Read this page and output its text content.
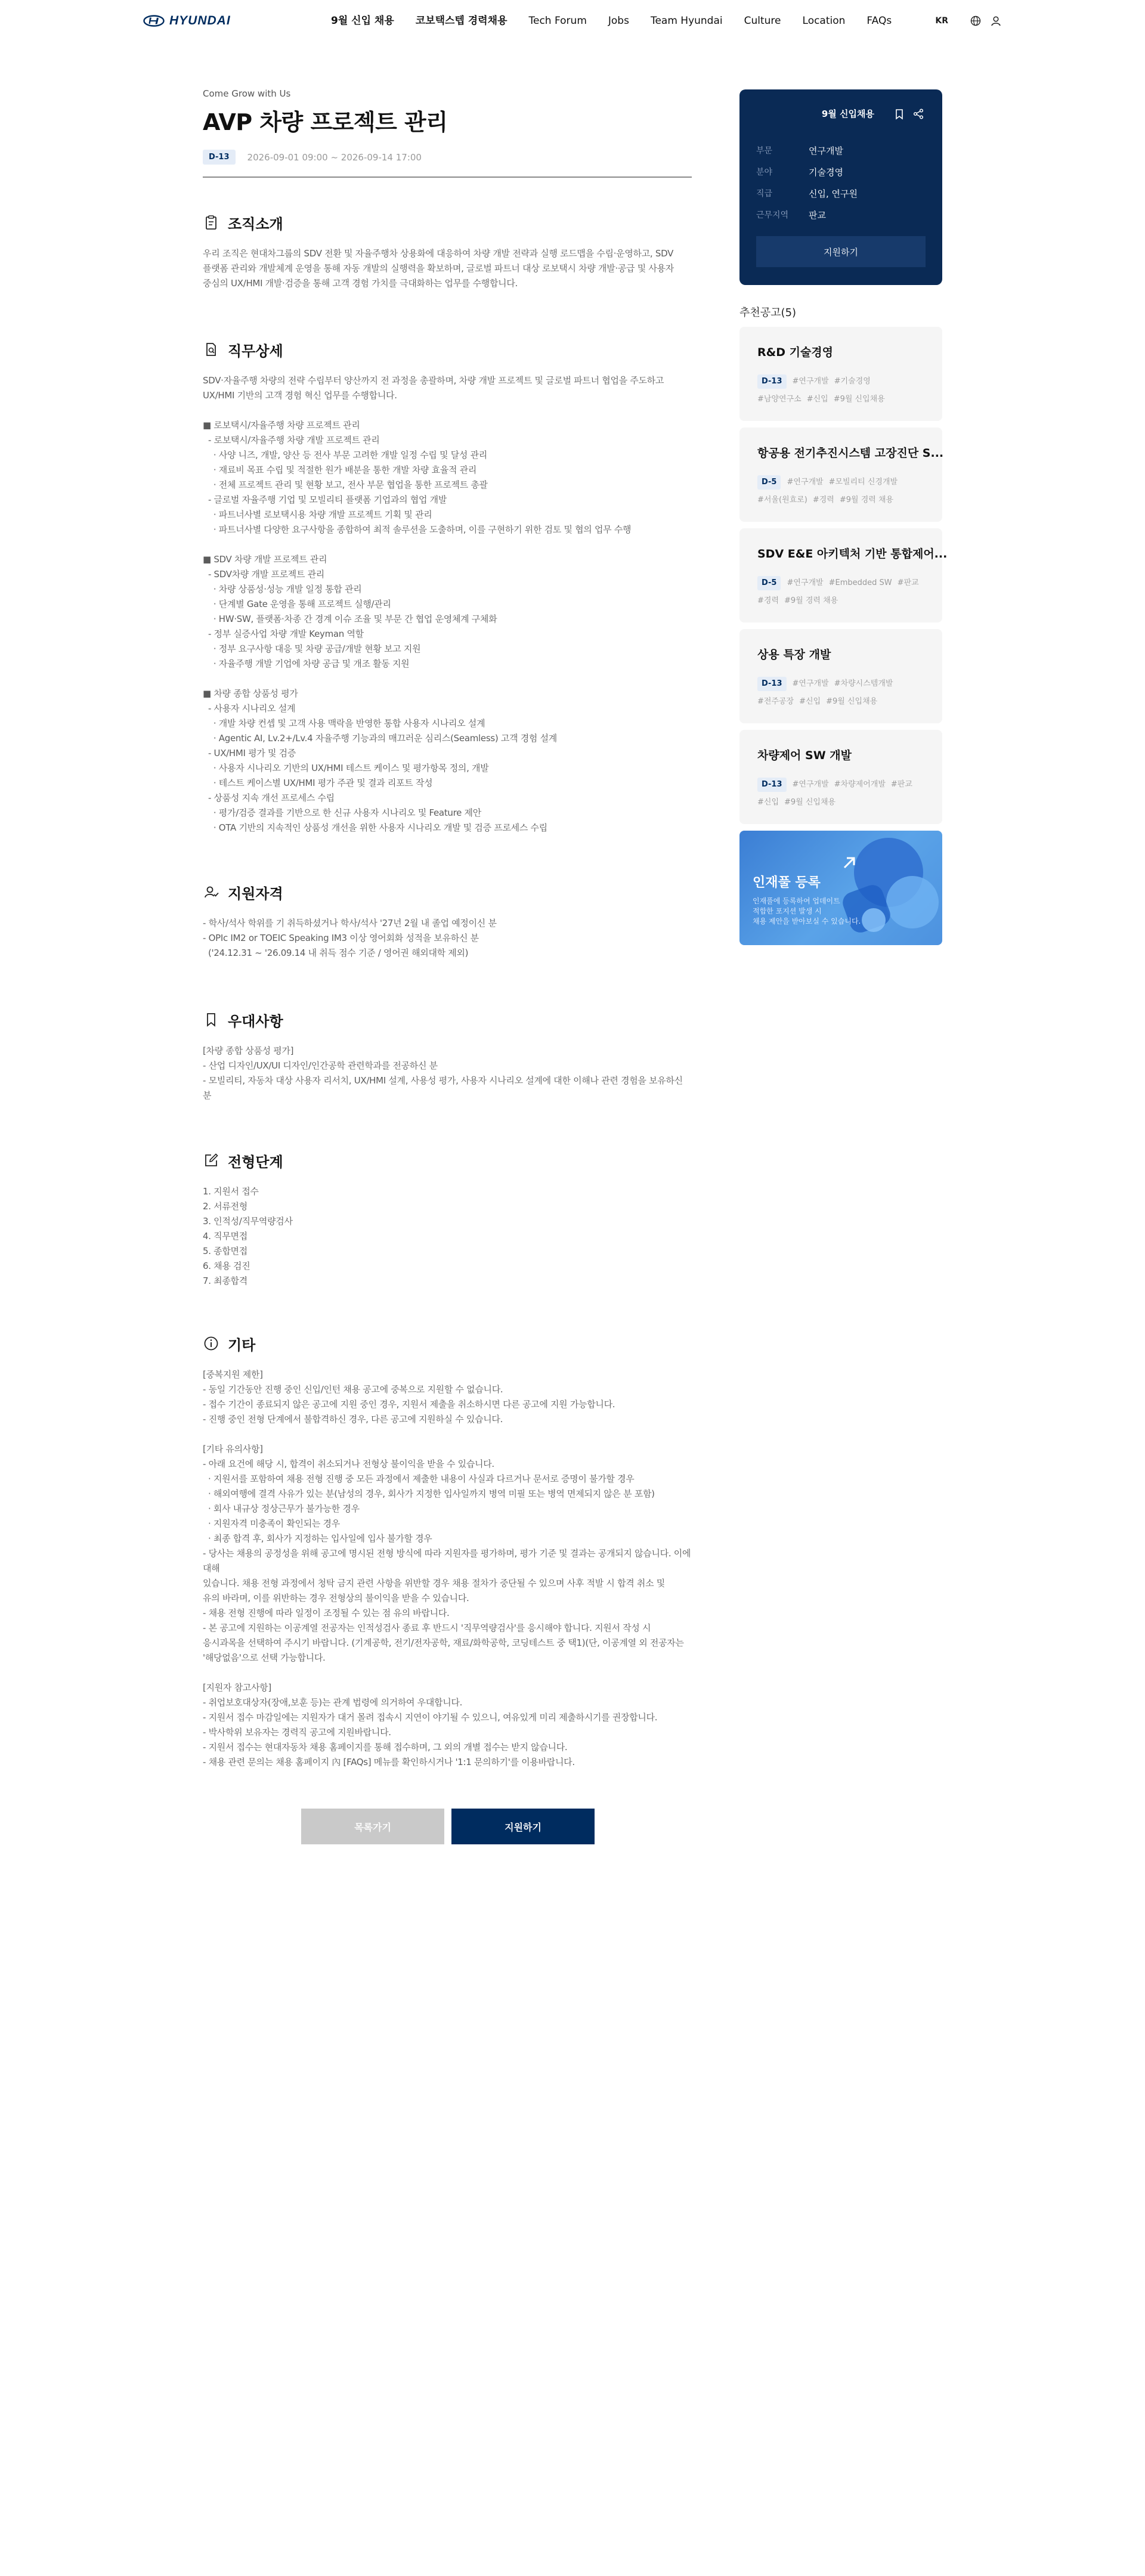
HYUNDAI	9월 신입 채용 코보택스텝 경력채용 Tech Forum Jobs Team Hyundai Culture Location FAQs	KR
Come Grow with Us
AVP 차량 프로젝트 관리
D-13	2026-09-01 09:00 ~ 2026-09-14 17:00
조직소개
우리 조직은 현대차그룹의 SDV 전환 및 자율주행차 상용화에 대응하여 차량 개발 전략과 실행 로드맵을 수립·운영하고, SDV
플랫폼 관리와 개발체계 운영을 통해 자동 개발의 실행력을 확보하며, 글로벌 파트너 대상 로보택시 차량 개발·공급 및 사용자
중심의 UX/HMI 개발·검증을 통해 고객 경험 가치를 극대화하는 업무를 수행합니다.
직무상세
SDV·자율주행 차량의 전략 수립부터 양산까지 전 과정을 총괄하며, 차량 개발 프로젝트 및 글로벌 파트너 협업을 주도하고
UX/HMI 기반의 고객 경험 혁신 업무를 수행합니다.

■ 로보택시/자율주행 차량 프로젝트 관리
- 로보택시/자율주행 차량 개발 프로젝트 관리
· 사양 니즈, 개발, 양산 등 전사 부문 고려한 개발 일정 수립 및 달성 관리
· 재료비 목표 수립 및 적절한 원가 배분을 통한 개발 차량 효율적 관리
· 전체 프로젝트 관리 및 현황 보고, 전사 부문 협업을 통한 프로젝트 총괄
- 글로벌 자율주행 기업 및 모빌리티 플랫폼 기업과의 협업 개발
· 파트너사별 로보택시용 차량 개발 프로젝트 기획 및 관리
· 파트너사별 다양한 요구사항을 종합하여 최적 솔루션을 도출하며, 이를 구현하기 위한 검토 및 협의 업무 수행

■ SDV 차량 개발 프로젝트 관리
- SDV차량 개발 프로젝트 관리
· 차량 상품성·성능 개발 일정 통합 관리
· 단계별 Gate 운영을 통해 프로젝트 실행/관리
· HW·SW, 플랫폼·차종 간 경계 이슈 조율 및 부문 간 협업 운영체계 구체화
- 정부 실증사업 차량 개발 Keyman 역할
· 정부 요구사항 대응 및 차량 공급/개발 현황 보고 지원
· 자율주행 개발 기업에 차량 공급 및 개조 활동 지원

■ 차량 종합 상품성 평가
- 사용자 시나리오 설계
· 개발 차량 컨셉 및 고객 사용 맥락을 반영한 통합 사용자 시나리오 설계
· Agentic AI, Lv.2+/Lv.4 자율주행 기능과의 매끄러운 심리스(Seamless) 고객 경험 설계
- UX/HMI 평가 및 검증
· 사용자 시나리오 기반의 UX/HMI 테스트 케이스 및 평가항목 정의, 개발
· 테스트 케이스별 UX/HMI 평가 주관 및 결과 리포트 작성
- 상품성 지속 개선 프로세스 수립
· 평가/검증 결과를 기반으로 한 신규 사용자 시나리오 및 Feature 제안
· OTA 기반의 지속적인 상품성 개선을 위한 사용자 시나리오 개발 및 검증 프로세스 수립
지원자격
- 학사/석사 학위를 기 취득하셨거나 학사/석사 '27년 2월 내 졸업 예정이신 분
- OPIc IM2 or TOEIC Speaking IM3 이상 영어회화 성적을 보유하신 분
('24.12.31 ~ '26.09.14 내 취득 점수 기준 / 영어권 해외대학 제외)
우대사항
[차량 종합 상품성 평가]
- 산업 디자인/UX/UI 디자인/인간공학 관련학과를 전공하신 분
- 모빌리티, 자동차 대상 사용자 리서치, UX/HMI 설계, 사용성 평가, 사용자 시나리오 설계에 대한 이해나 관련 경험을 보유하신
분
전형단계
1. 지원서 접수
2. 서류전형
3. 인적성/직무역량검사
4. 직무면접
5. 종합면접
6. 채용 검진
7. 최종합격
기타
[중복지원 제한]
- 동일 기간동안 진행 중인 신입/인턴 채용 공고에 중복으로 지원할 수 없습니다.
- 접수 기간이 종료되지 않은 공고에 지원 중인 경우, 지원서 제출을 취소하시면 다른 공고에 지원 가능합니다.
- 진행 중인 전형 단계에서 불합격하신 경우, 다른 공고에 지원하실 수 있습니다.

[기타 유의사항]
- 아래 요건에 해당 시, 합격이 취소되거나 전형상 불이익을 받을 수 있습니다.
· 지원서를 포함하여 채용 전형 진행 중 모든 과정에서 제출한 내용이 사실과 다르거나 문서로 증명이 불가할 경우
· 해외여행에 결격 사유가 있는 분(남성의 경우, 회사가 지정한 입사일까지 병역 미필 또는 병역 면제되지 않은 분 포함)
· 회사 내규상 정상근무가 불가능한 경우
· 지원자격 미충족이 확인되는 경우
· 최종 합격 후, 회사가 지정하는 입사일에 입사 불가할 경우
- 당사는 채용의 공정성을 위해 공고에 명시된 전형 방식에 따라 지원자를 평가하며, 평가 기준 및 결과는 공개되지 않습니다. 이에 대해
있습니다. 채용 전형 과정에서 청탁 금지 관련 사항을 위반할 경우 채용 절차가 중단될 수 있으며 사후 적발 시 합격 취소 및
유의 바라며, 이를 위반하는 경우 전형상의 불이익을 받을 수 있습니다.
- 채용 전형 진행에 따라 일정이 조정될 수 있는 점 유의 바랍니다.
- 본 공고에 지원하는 이공계열 전공자는 인적성검사 종료 후 반드시 '직무역량검사'를 응시해야 합니다. 지원서 작성 시
응시과목을 선택하여 주시기 바랍니다. (기계공학, 전기/전자공학, 재료/화학공학, 코딩테스트 중 택1)(단, 이공계열 외 전공자는
'해당없음'으로 선택 가능합니다.

[지원자 참고사항]
- 취업보호대상자(장애,보훈 등)는 관계 법령에 의거하여 우대합니다.
- 지원서 접수 마감일에는 지원자가 대거 몰려 접속시 지연이 야기될 수 있으니, 여유있게 미리 제출하시기를 권장합니다.
- 박사학위 보유자는 경력직 공고에 지원바랍니다.
- 지원서 접수는 현대자동차 채용 홈페이지를 통해 접수하며, 그 외의 개별 접수는 받지 않습니다.
- 채용 관련 문의는 채용 홈페이지 內 [FAQs] 메뉴를 확인하시거나 '1:1 문의하기'를 이용바랍니다.
목록가기	지원하기
9월 신입채용
부문	연구개발
분야	기술경영
직급	신입, 연구원
근무지역	판교
지원하기
추천공고(5)
R&D 기술경영
D-13	#연구개발 #기술경영
#남양연구소 #신입 #9월 신입채용
항공용 전기추진시스템 고장진단 S...
D-5	#연구개발 #모빌리티 신경개발
#서울(원효로) #경력 #9월 경력 채용
SDV E&E 아키텍처 기반 통합제어...
D-5	#연구개발 #Embedded SW #판교
#경력 #9월 경력 채용
상용 특장 개발
D-13	#연구개발 #차량시스템개발
#전주공장 #신입 #9월 신입채용
차량제어 SW 개발
D-13	#연구개발 #차량제어개발 #판교
#신입 #9월 신입채용
인재풀 등록
인재풀에 등록하여 업데이트
적합한 포지션 발생 시
채용 제안을 받아보실 수 있습니다.
